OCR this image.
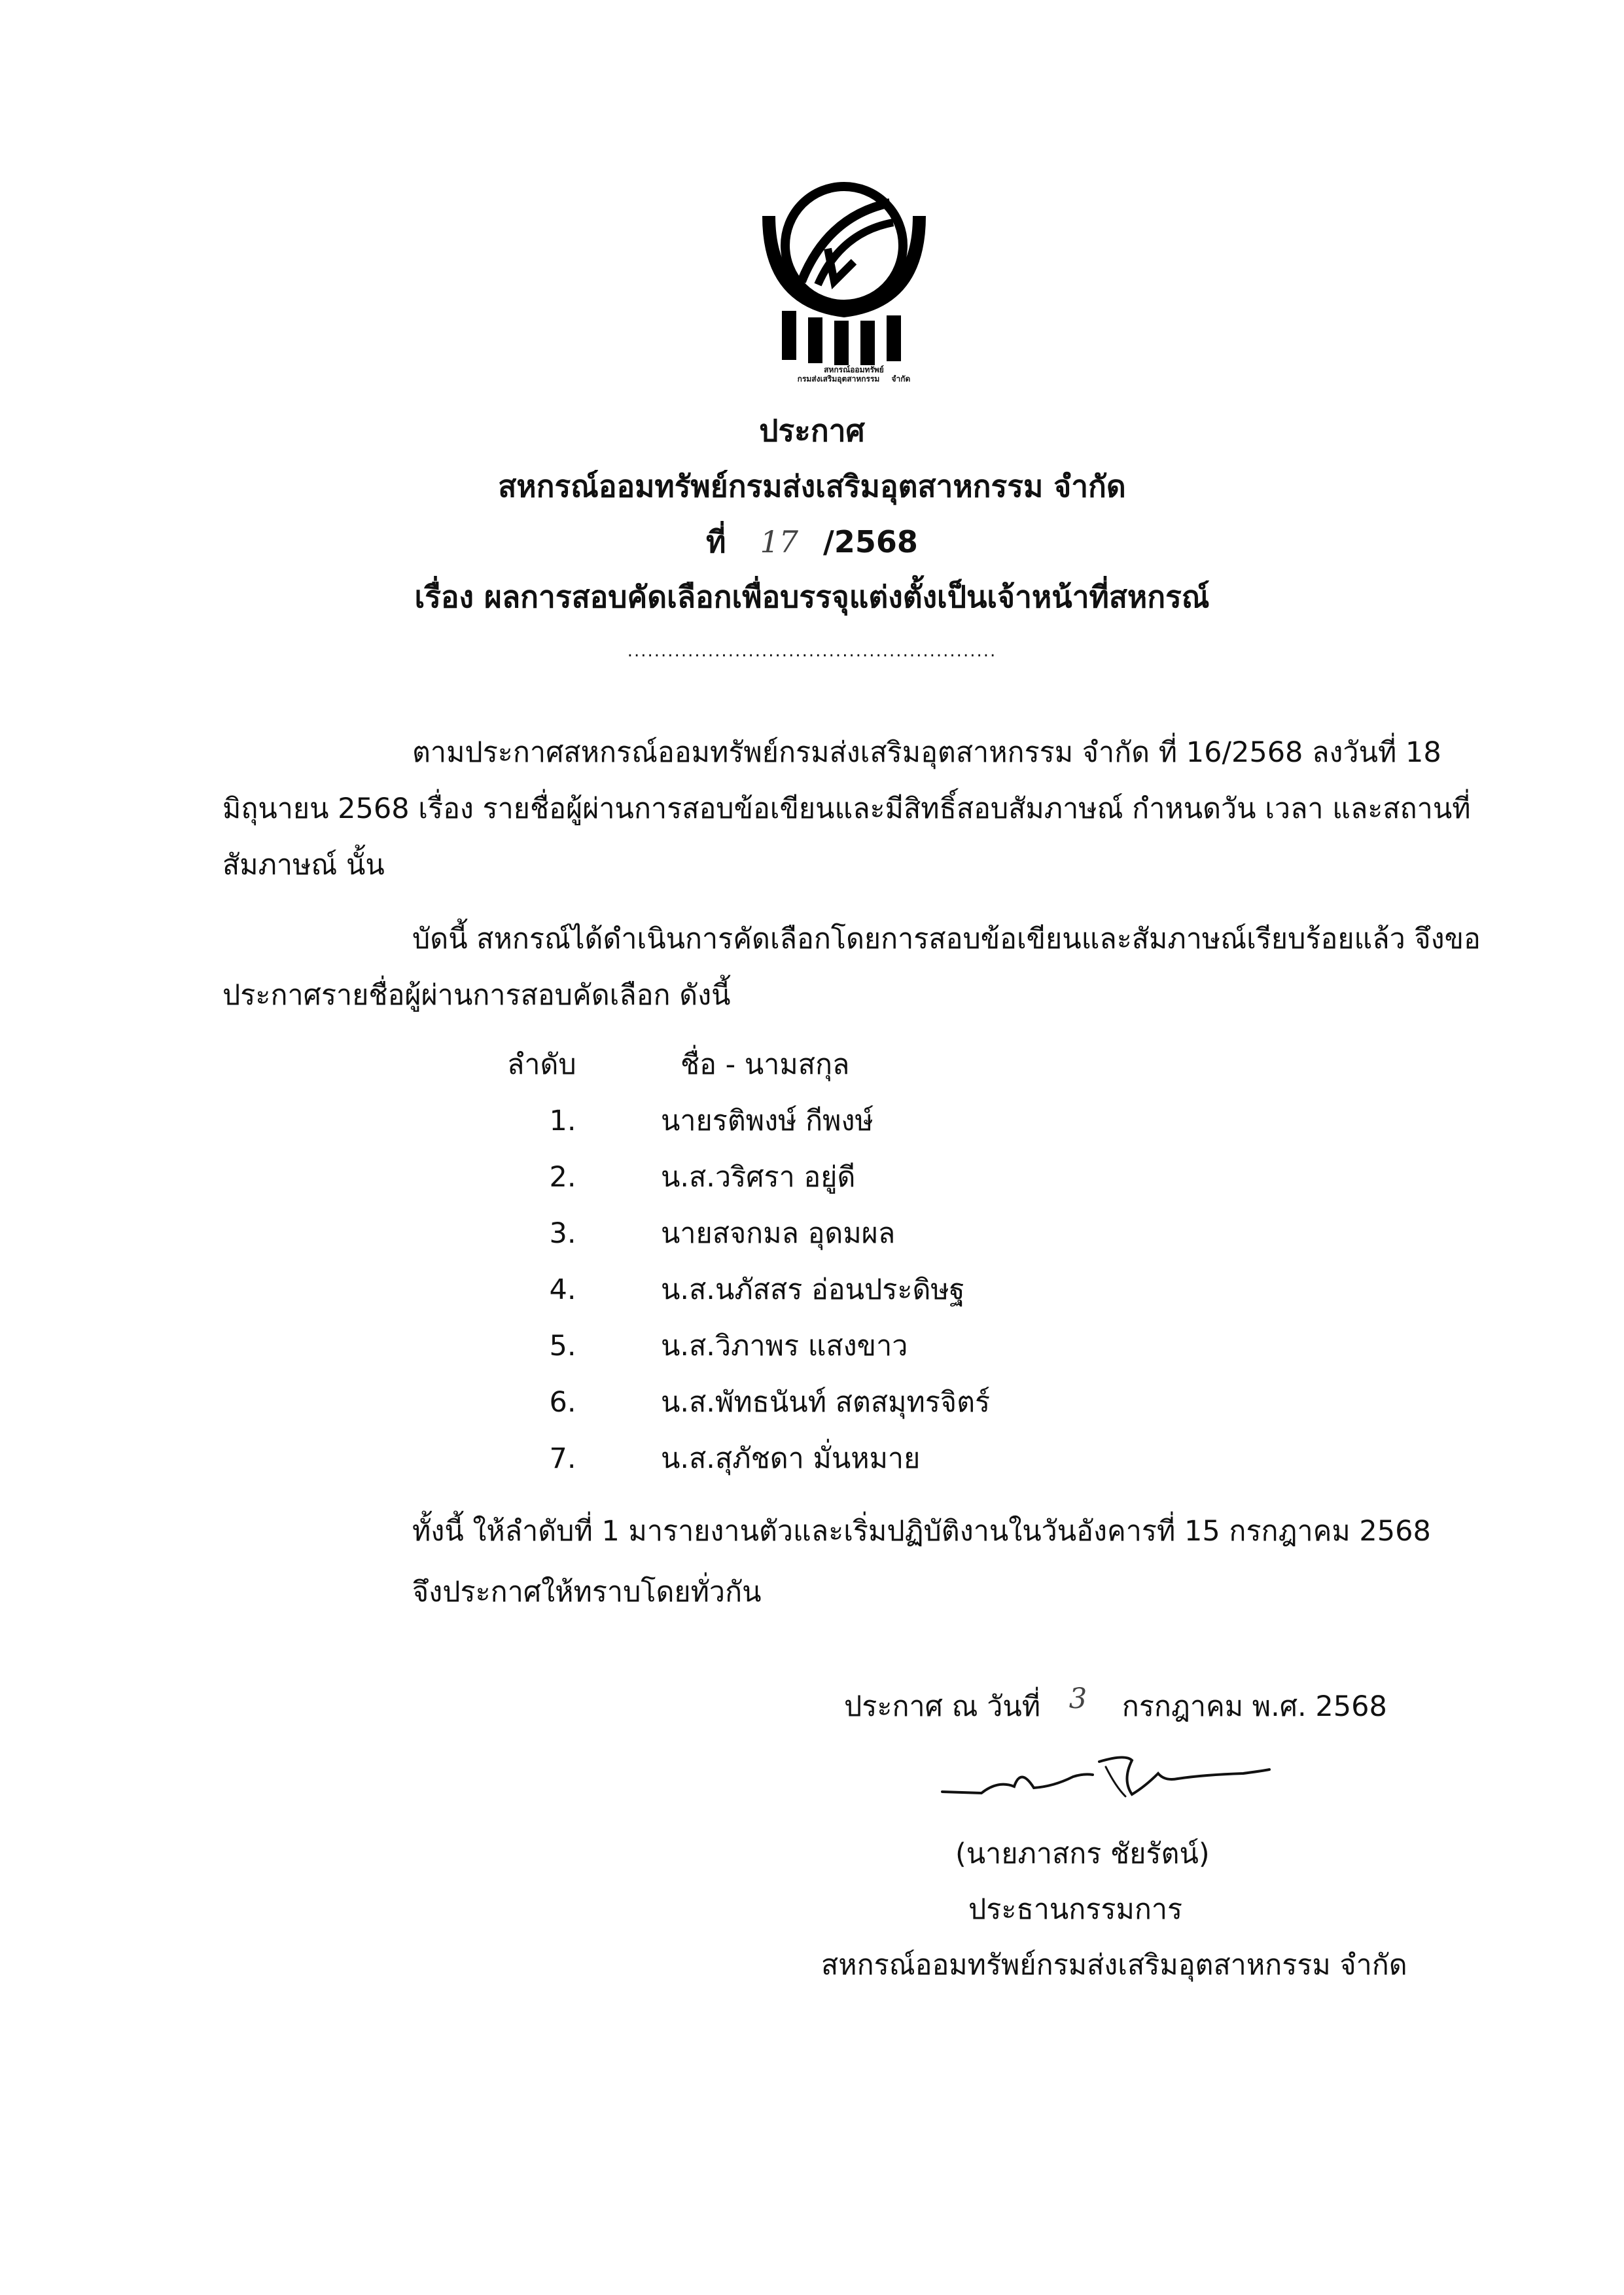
สหกรณ์ออมทรัพย์
กรมส่งเสริมอุตสาหกรรม จำกัด
ประกาศ
สหกรณ์ออมทรัพย์กรมส่งเสริมอุตสาหกรรม จำกัด
ที่ 17 /2568
เรื่อง ผลการสอบคัดเลือกเพื่อบรรจุแต่งตั้งเป็นเจ้าหน้าที่สหกรณ์
.......................................................
ตามประกาศสหกรณ์ออมทรัพย์กรมส่งเสริมอุตสาหกรรม จำกัด ที่ 16/2568 ลงวันที่ 18
มิถุนายน 2568 เรื่อง รายชื่อผู้ผ่านการสอบข้อเขียนและมีสิทธิ์สอบสัมภาษณ์ กำหนดวัน เวลา และสถานที่
สัมภาษณ์ นั้น
บัดนี้ สหกรณ์ได้ดำเนินการคัดเลือกโดยการสอบข้อเขียนและสัมภาษณ์เรียบร้อยแล้ว จึงขอ
ประกาศรายชื่อผู้ผ่านการสอบคัดเลือก ดังนี้
ลำดับ	ชื่อ - นามสกุล
1.	นายรติพงษ์ กีพงษ์
2.	น.ส.วริศรา อยู่ดี
3.	นายสจกมล อุดมผล
4.	น.ส.นภัสสร อ่อนประดิษฐ
5.	น.ส.วิภาพร แสงขาว
6.	น.ส.พัทธนันท์ สตสมุทรจิตร์
7.	น.ส.สุภัชดา มั่นหมาย
ทั้งนี้ ให้ลำดับที่ 1 มารายงานตัวและเริ่มปฏิบัติงานในวันอังคารที่ 15 กรกฎาคม 2568
จึงประกาศให้ทราบโดยทั่วกัน
ประกาศ ณ วันที่ 3 กรกฎาคม พ.ศ. 2568
(นายภาสกร ชัยรัตน์)
ประธานกรรมการ
สหกรณ์ออมทรัพย์กรมส่งเสริมอุตสาหกรรม จำกัด
